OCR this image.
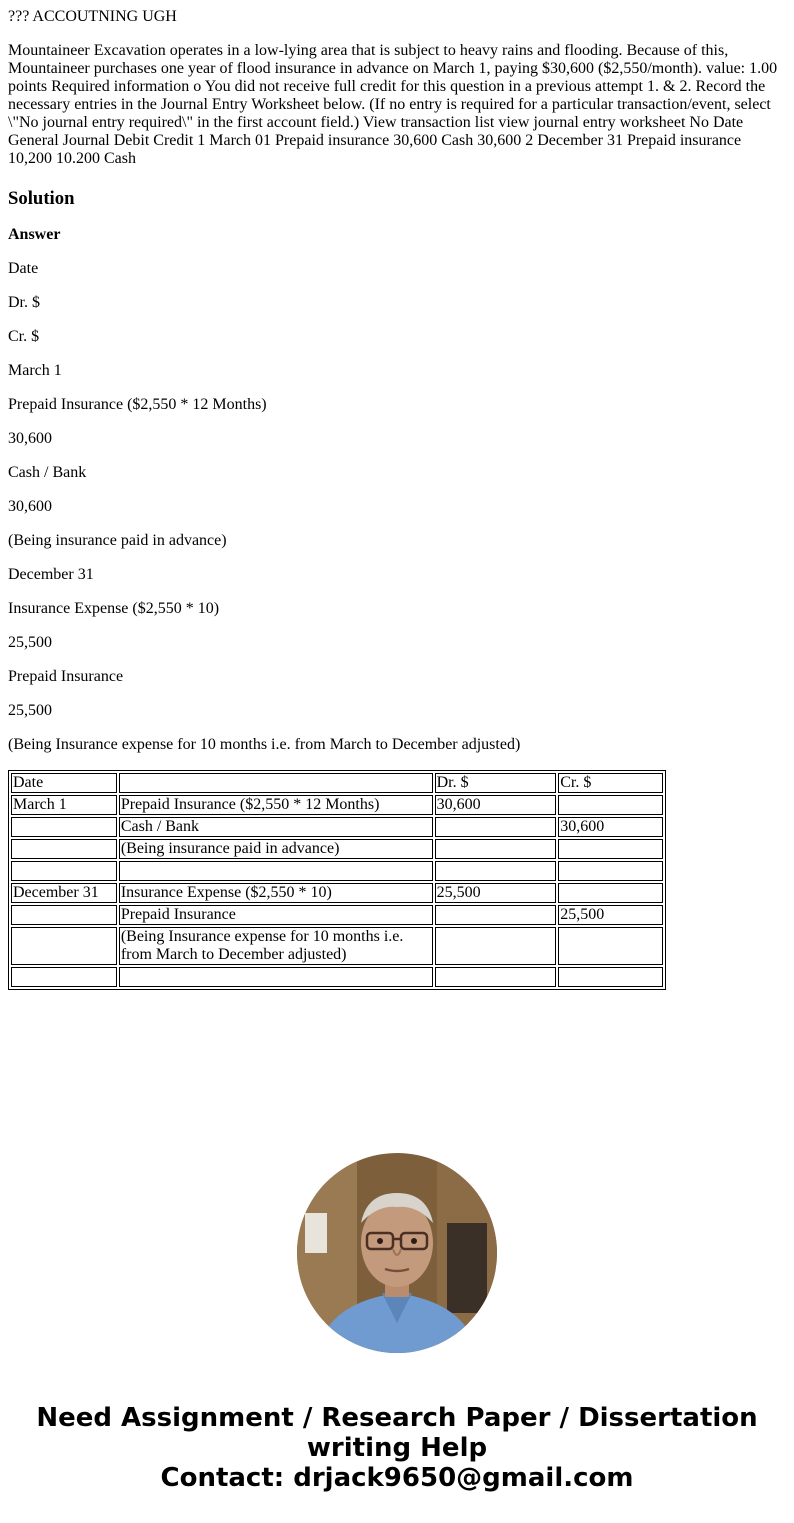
??? ACCOUTNING UGH

Mountaineer Excavation operates in a low-lying area that is subject to heavy rains and flooding. Because of this, Mountaineer purchases one year of flood insurance in advance on March 1, paying $30,600 ($2,550/month). value: 1.00 points Required information o You did not receive full credit for this question in a previous attempt 1. & 2. Record the necessary entries in the Journal Entry Worksheet below. (If no entry is required for a particular transaction/event, select \"No journal entry required\" in the first account field.) View transaction list view journal entry worksheet No Date General Journal Debit Credit 1 March 01 Prepaid insurance 30,600 Cash 30,600 2 December 31 Prepaid insurance 10,200 10.200 Cash

Solution
Answer

Date

Dr. $

Cr. $

March 1

Prepaid Insurance ($2,550 * 12 Months)

30,600

Cash / Bank

30,600

(Being insurance paid in advance)

December 31

Insurance Expense ($2,550 * 10)

25,500

Prepaid Insurance

25,500

(Being Insurance expense for 10 months i.e. from March to December adjusted)

Date		Dr. $	Cr. $
March 1	Prepaid Insurance ($2,550 * 12 Months)	30,600	
	Cash / Bank		30,600
	(Being insurance paid in advance)		

December 31	Insurance Expense ($2,550 * 10)	25,500	
	Prepaid Insurance		25,500
	(Being Insurance expense for 10 months i.e. from March to December adjusted)		

Need Assignment / Research Paper / Dissertation
writing Help
Contact: drjack9650@gmail.com
